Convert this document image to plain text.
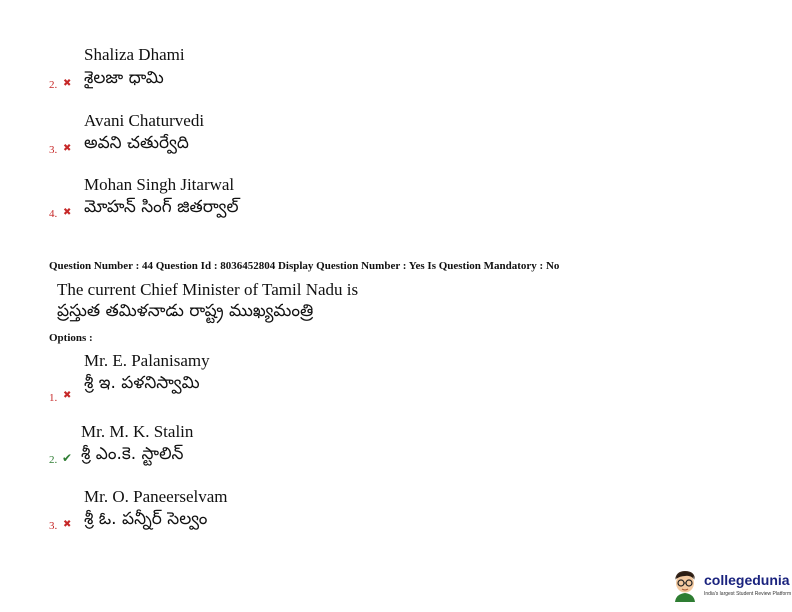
Shaliza Dhami
శైలజా ధామి
2. ✖
Avani Chaturvedi
అవని చతుర్వేది
3. ✖
Mohan Singh Jitarwal
మోహన్ సింగ్ జితర్వాల్
4. ✖
Question Number : 44 Question Id : 8036452804 Display Question Number : Yes Is Question Mandatory : No
The current Chief Minister of Tamil Nadu is
ప్రస్తుత తమిళనాడు రాష్ట్ర ముఖ్యమంత్రి
Options :
Mr. E. Palanisamy
శ్రీ ఇ. పళనిస్వామి
1. ✖
Mr. M. K. Stalin
శ్రీ ఎం.కె. స్టాలిన్
2. ✔
Mr. O. Paneerselvam
శ్రీ ఓ. పన్నీర్ సెల్వం
3. ✖
collegedunia
India's largest Student Review Platform
